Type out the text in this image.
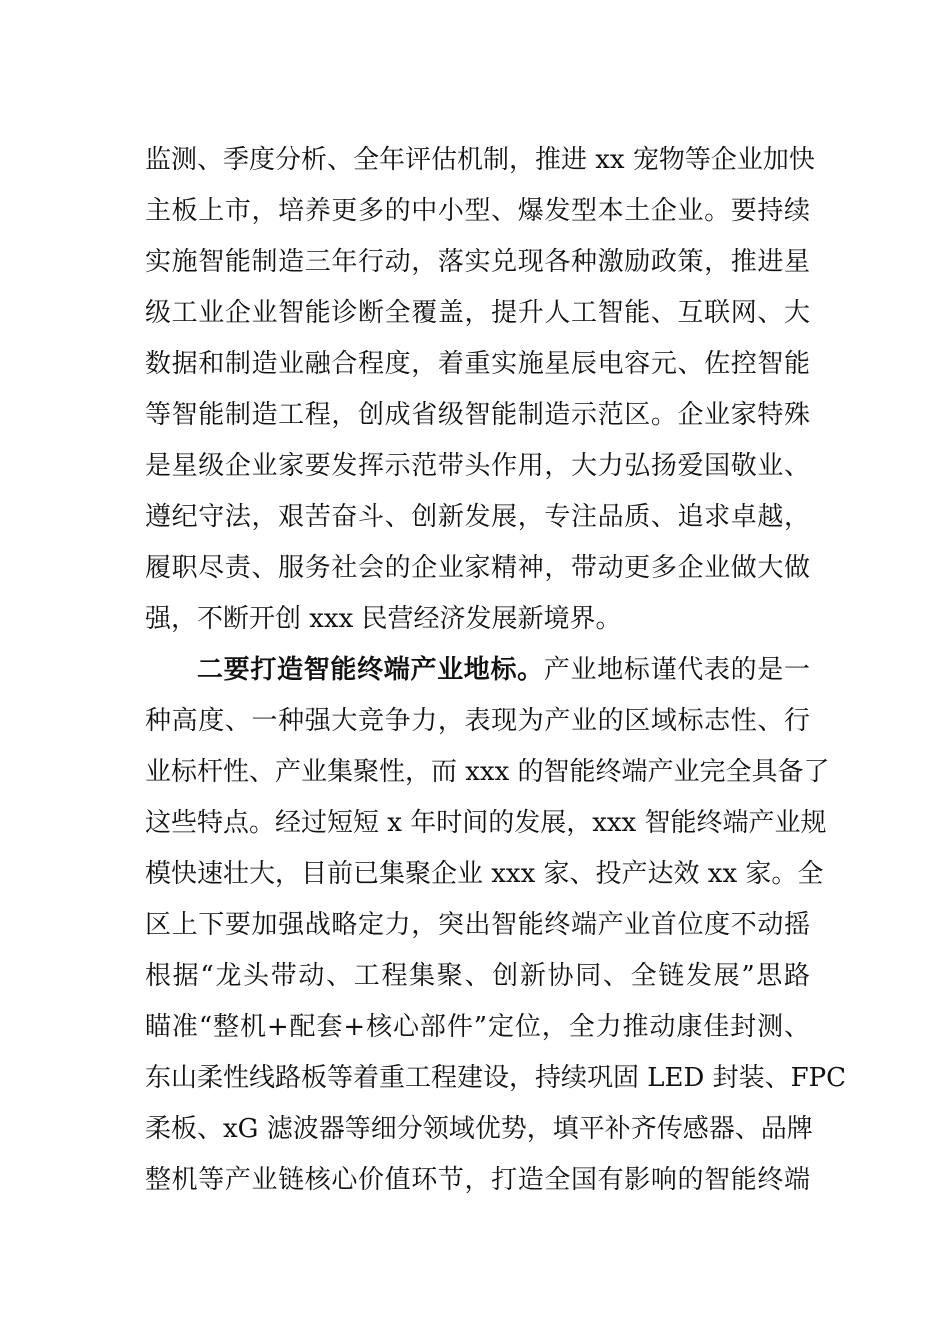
监测、季度分析、全年评估机制，推进 xx 宠物等企业加快
主板上市，培养更多的中小型、爆发型本土企业。要持续
实施智能制造三年行动，落实兑现各种激励政策，推进星
级工业企业智能诊断全覆盖，提升人工智能、互联网、大
数据和制造业融合程度，着重实施星辰电容元、佐控智能
等智能制造工程，创成省级智能制造示范区。企业家特殊
是星级企业家要发挥示范带头作用，大力弘扬爱国敬业、
遵纪守法，艰苦奋斗、创新发展，专注品质、追求卓越，
履职尽责、服务社会的企业家精神，带动更多企业做大做
强，不断开创 xxx 民营经济发展新境界。
二要打造智能终端产业地标。产业地标谨代表的是一
种高度、一种强大竞争力，表现为产业的区域标志性、行
业标杆性、产业集聚性，而 xxx 的智能终端产业完全具备了
这些特点。经过短短 x 年时间的发展，xxx 智能终端产业规
模快速壮大，目前已集聚企业 xxx 家、投产达效 xx 家。全
区上下要加强战略定力，突出智能终端产业首位度不动摇
根据“龙头带动、工程集聚、创新协同、全链发展”思路
瞄准“整机+配套+核心部件”定位，全力推动康佳封测、
东山柔性线路板等着重工程建设，持续巩固 LED 封装、FPC
柔板、xG 滤波器等细分领域优势，填平补齐传感器、品牌
整机等产业链核心价值环节，打造全国有影响的智能终端
